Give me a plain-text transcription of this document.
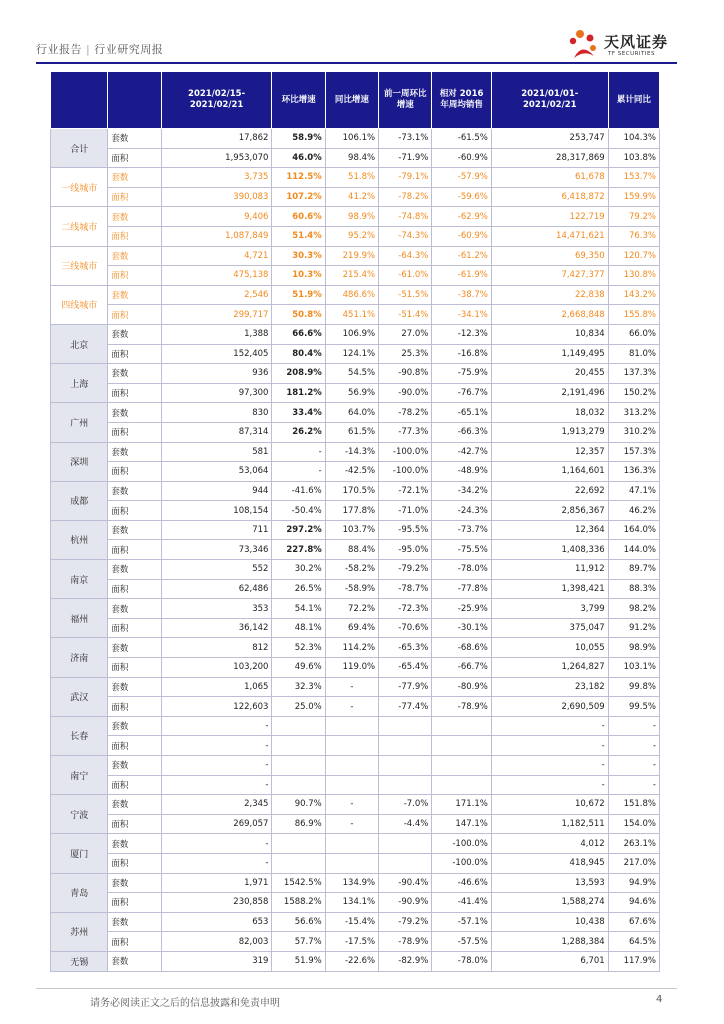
行业报告 | 行业研究周报	天风证券
TF SECURITIES
		2021/02/15-2021/02/21	环比增速	同比增速	前一周环比增速	相对 2016 年周均销售	2021/01/01-2021/02/21	累计同比
合计	套数	17,862	58.9%	106.1%	-73.1%	-61.5%	253,747	104.3%
	面积	1,953,070	46.0%	98.4%	-71.9%	-60.9%	28,317,869	103.8%
一线城市	套数	3,735	112.5%	51.8%	-79.1%	-57.9%	61,678	153.7%
	面积	390,083	107.2%	41.2%	-78.2%	-59.6%	6,418,872	159.9%
二线城市	套数	9,406	60.6%	98.9%	-74.8%	-62.9%	122,719	79.2%
	面积	1,087,849	51.4%	95.2%	-74.3%	-60.9%	14,471,621	76.3%
三线城市	套数	4,721	30.3%	219.9%	-64.3%	-61.2%	69,350	120.7%
	面积	475,138	10.3%	215.4%	-61.0%	-61.9%	7,427,377	130.8%
四线城市	套数	2,546	51.9%	486.6%	-51.5%	-38.7%	22,838	143.2%
	面积	299,717	50.8%	451.1%	-51.4%	-34.1%	2,668,848	155.8%
北京	套数	1,388	66.6%	106.9%	27.0%	-12.3%	10,834	66.0%
	面积	152,405	80.4%	124.1%	25.3%	-16.8%	1,149,495	81.0%
上海	套数	936	208.9%	54.5%	-90.8%	-75.9%	20,455	137.3%
	面积	97,300	181.2%	56.9%	-90.0%	-76.7%	2,191,496	150.2%
广州	套数	830	33.4%	64.0%	-78.2%	-65.1%	18,032	313.2%
	面积	87,314	26.2%	61.5%	-77.3%	-66.3%	1,913,279	310.2%
深圳	套数	581	-	-14.3%	-100.0%	-42.7%	12,357	157.3%
	面积	53,064	-	-42.5%	-100.0%	-48.9%	1,164,601	136.3%
成都	套数	944	-41.6%	170.5%	-72.1%	-34.2%	22,692	47.1%
	面积	108,154	-50.4%	177.8%	-71.0%	-24.3%	2,856,367	46.2%
杭州	套数	711	297.2%	103.7%	-95.5%	-73.7%	12,364	164.0%
	面积	73,346	227.8%	88.4%	-95.0%	-75.5%	1,408,336	144.0%
南京	套数	552	30.2%	-58.2%	-79.2%	-78.0%	11,912	89.7%
	面积	62,486	26.5%	-58.9%	-78.7%	-77.8%	1,398,421	88.3%
福州	套数	353	54.1%	72.2%	-72.3%	-25.9%	3,799	98.2%
	面积	36,142	48.1%	69.4%	-70.6%	-30.1%	375,047	91.2%
济南	套数	812	52.3%	114.2%	-65.3%	-68.6%	10,055	98.9%
	面积	103,200	49.6%	119.0%	-65.4%	-66.7%	1,264,827	103.1%
武汉	套数	1,065	32.3%	-	-77.9%	-80.9%	23,182	99.8%
	面积	122,603	25.0%	-	-77.4%	-78.9%	2,690,509	99.5%
长春	套数	-					-	-
	面积	-					-	-
南宁	套数	-					-	-
	面积	-					-	-
宁波	套数	2,345	90.7%	-	-7.0%	171.1%	10,672	151.8%
	面积	269,057	86.9%	-	-4.4%	147.1%	1,182,511	154.0%
厦门	套数	-				-100.0%	4,012	263.1%
	面积	-				-100.0%	418,945	217.0%
青岛	套数	1,971	1542.5%	134.9%	-90.4%	-46.6%	13,593	94.9%
	面积	230,858	1588.2%	134.1%	-90.9%	-41.4%	1,588,274	94.6%
苏州	套数	653	56.6%	-15.4%	-79.2%	-57.1%	10,438	67.6%
	面积	82,003	57.7%	-17.5%	-78.9%	-57.5%	1,288,384	64.5%
无锡	套数	319	51.9%	-22.6%	-82.9%	-78.0%	6,701	117.9%
请务必阅读正文之后的信息披露和免责申明	4
